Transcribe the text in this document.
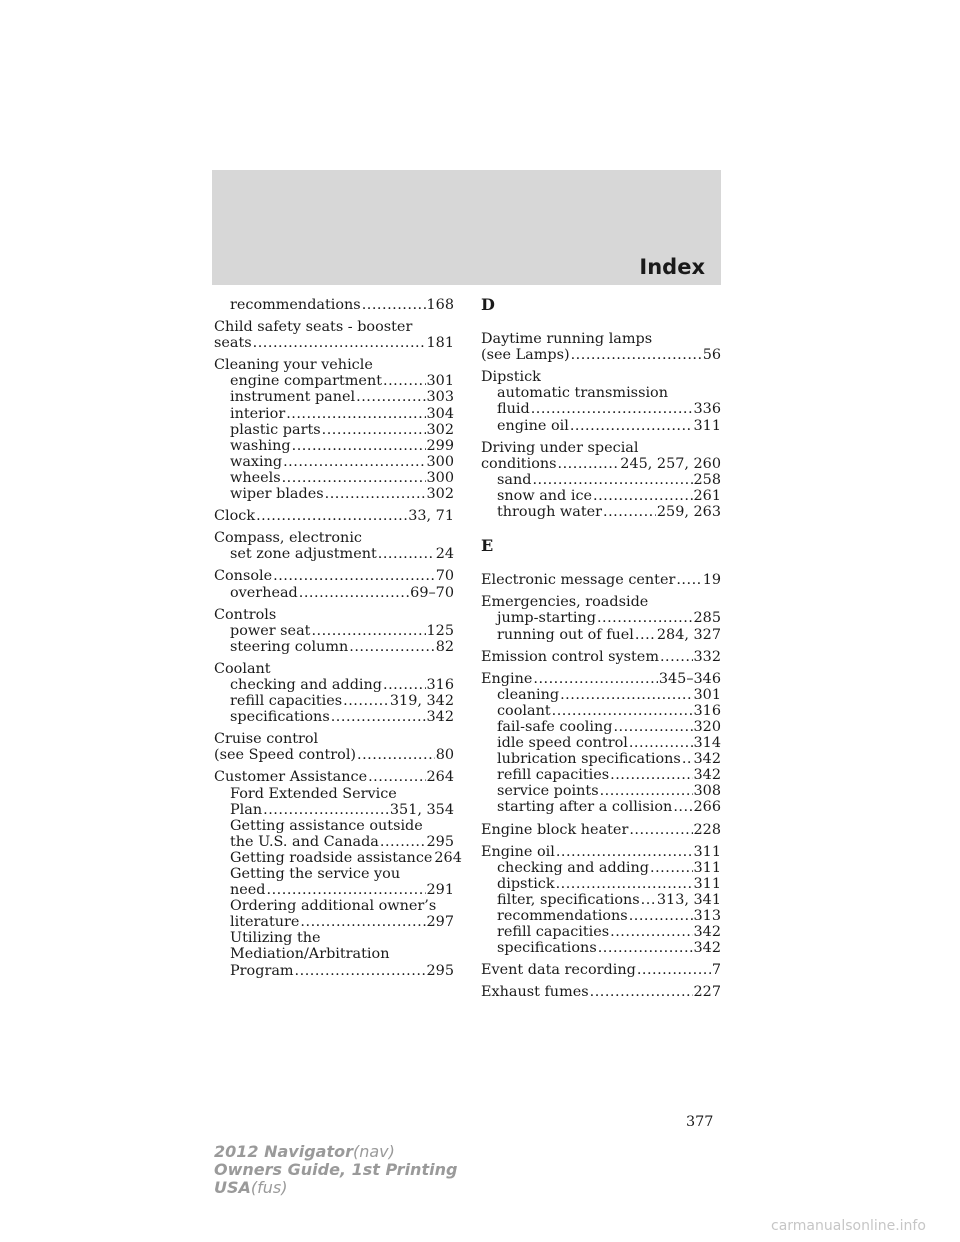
Index
recommendations .....	168
Child safety seats - booster
seats .....	181
Cleaning your vehicle
engine compartment .....	301
instrument panel .....	303
interior .....	304
plastic parts .....	302
washing .....	299
waxing .....	300
wheels .....	300
wiper blades .....	302
Clock .....	33, 71
Compass, electronic
set zone adjustment .....	24
Console .....	70
overhead .....	69–70
Controls
power seat .....	125
steering column .....	82
Coolant
checking and adding .....	316
refill capacities .....	319, 342
specifications .....	342
Cruise control
(see Speed control) .....	80
Customer Assistance .....	264
Ford Extended Service
Plan .....	351, 354
Getting assistance outside
the U.S. and Canada .....	295
Getting roadside assistance 264
Getting the service you
need .....	291
Ordering additional owner’s
literature .....	297
Utilizing the
Mediation/Arbitration
Program .....	295
D
Daytime running lamps
(see Lamps) .....	56
Dipstick
automatic transmission
fluid .....	336
engine oil .....	311
Driving under special
conditions .....	245, 257, 260
sand .....	258
snow and ice .....	261
through water .....	259, 263
E
Electronic message center ..... 19
Emergencies, roadside
jump-starting .....	285
running out of fuel ..... 284, 327
Emission control system ..... 332
Engine .....	345–346
cleaning .....	301
coolant .....	316
fail-safe cooling .....	320
idle speed control .....	314
lubrication specifications ..... 342
refill capacities .....	342
service points .....	308
starting after a collision ..... 266
Engine block heater .....	228
Engine oil .....	311
checking and adding .....	311
dipstick .....	311
filter, specifications ..... 313, 341
recommendations .....	313
refill capacities .....	342
specifications .....	342
Event data recording .....	7
Exhaust fumes .....	227
377
2012 Navigator(nav)
Owners Guide, 1st Printing
USA(fus)
carmanualsonline.info
